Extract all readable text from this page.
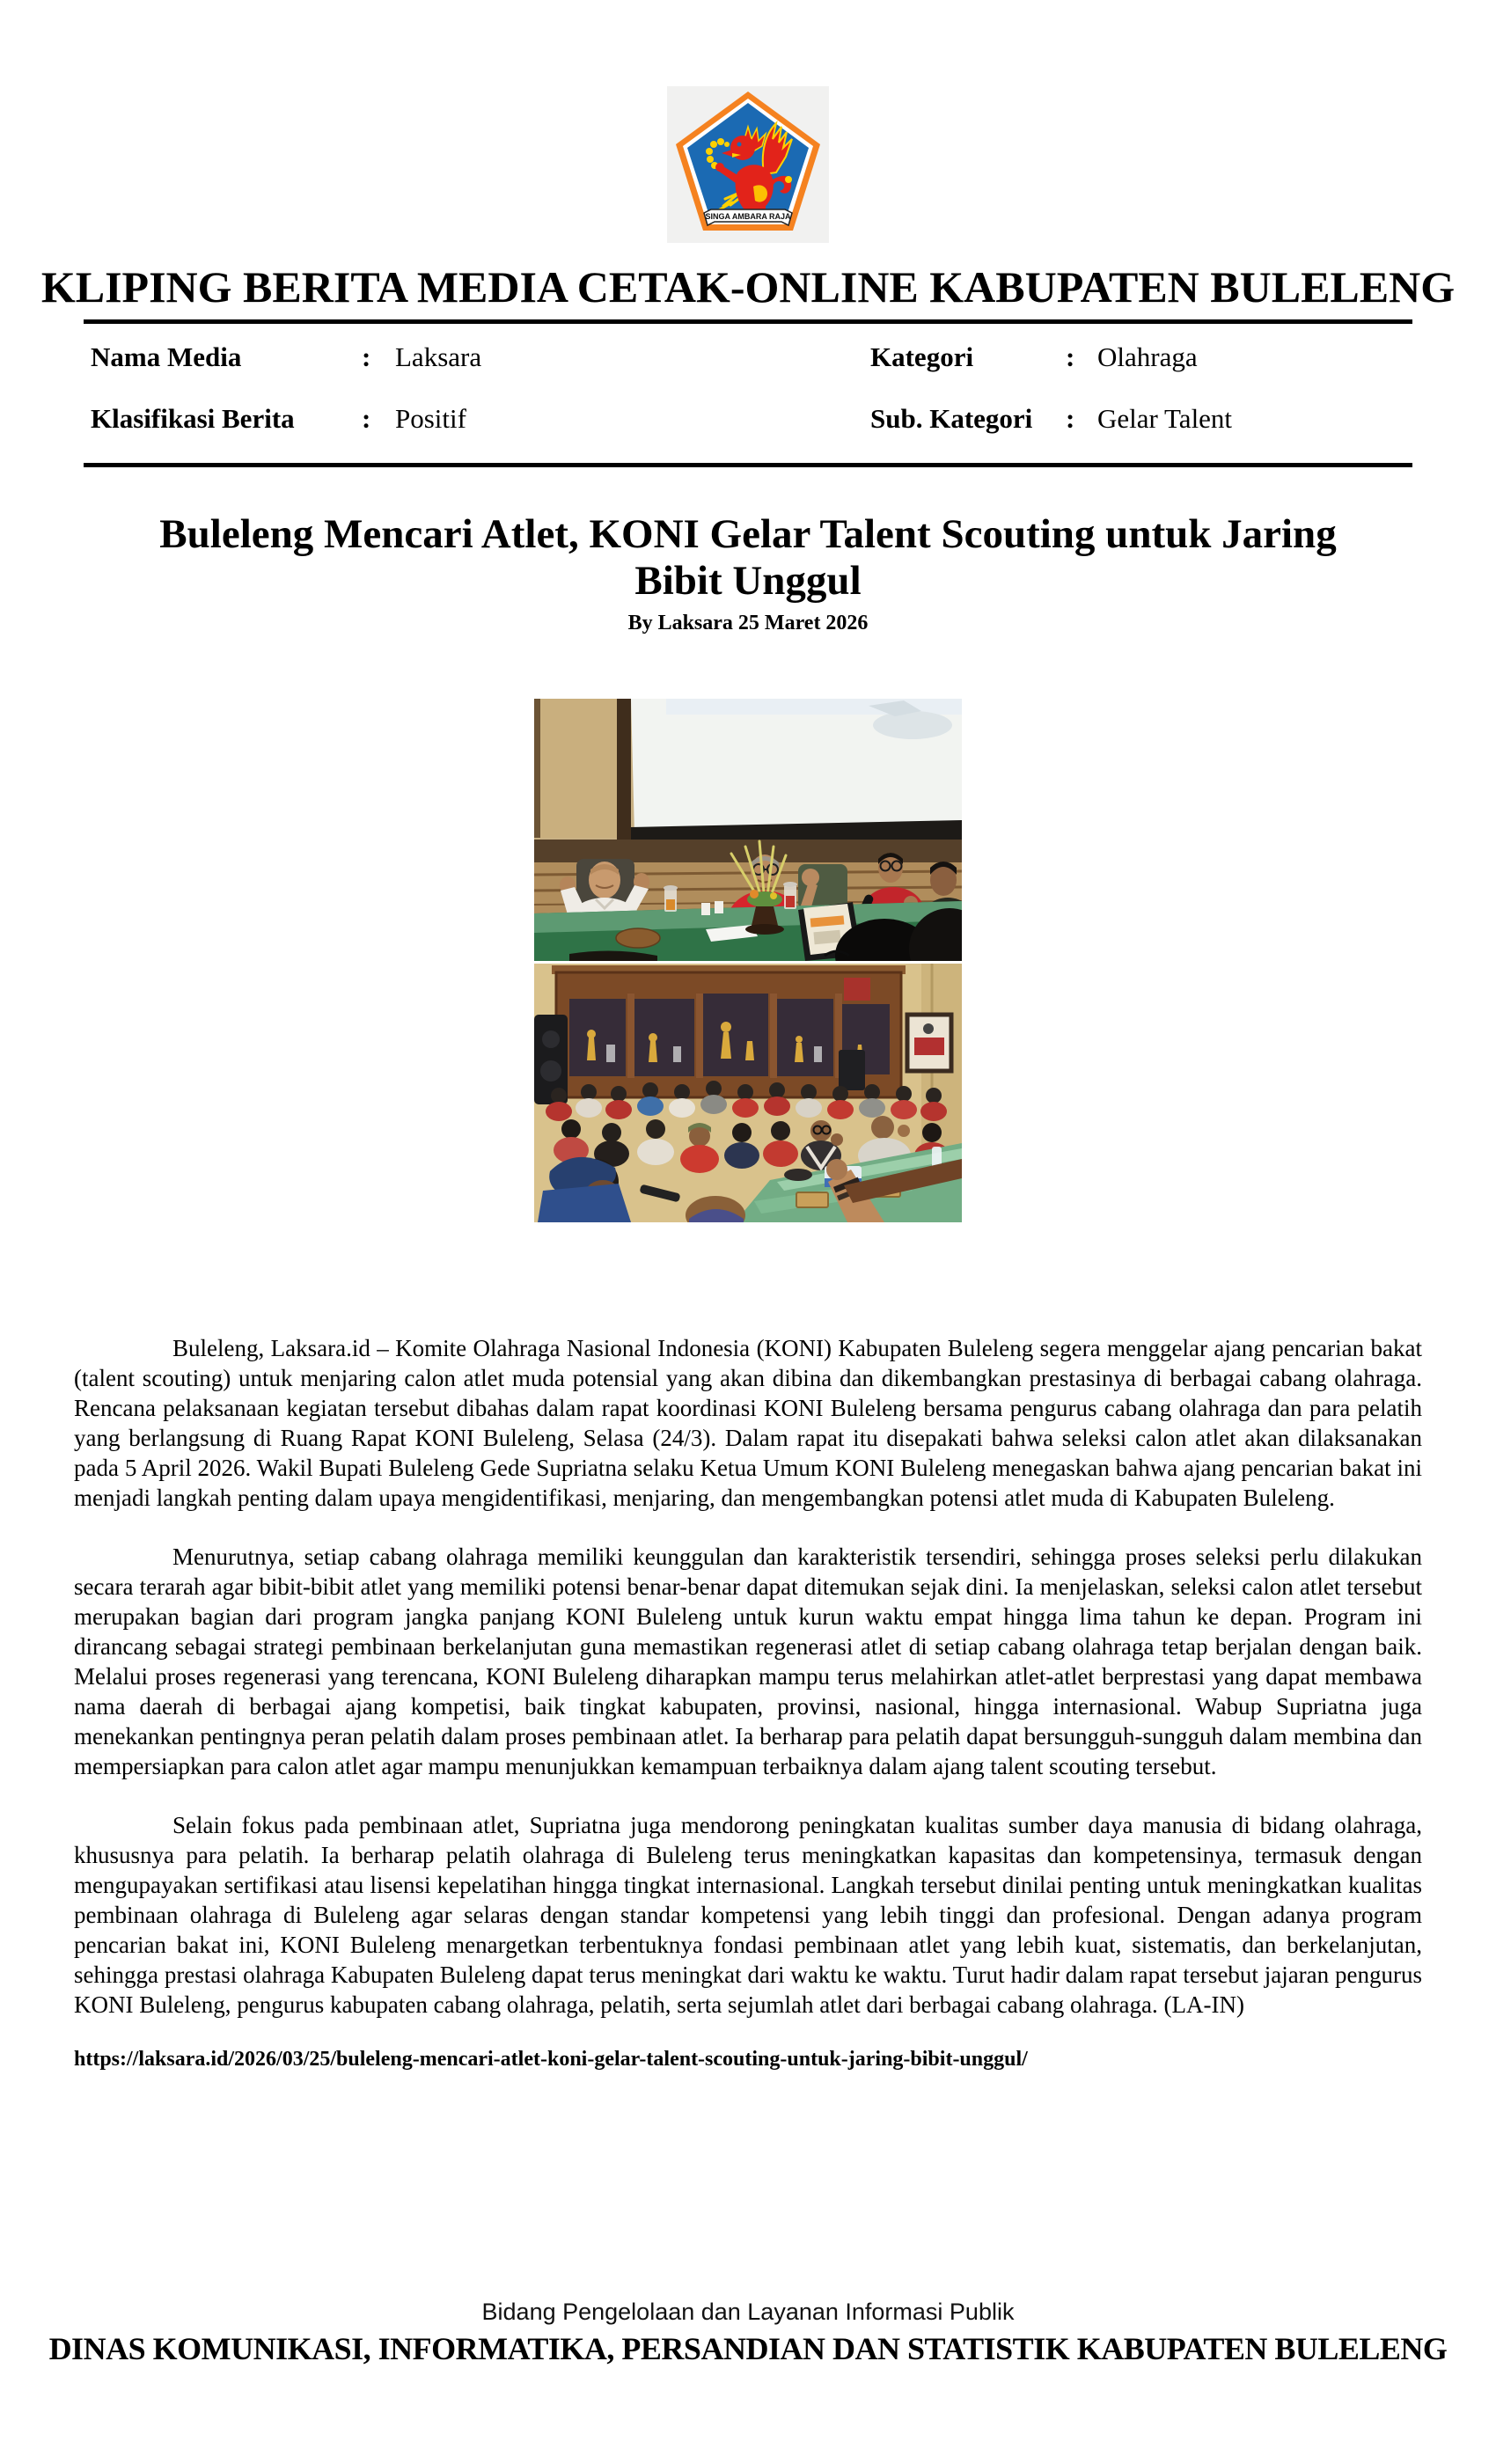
SINGA AMBARA RAJA
KLIPING BERITA MEDIA CETAK-ONLINE KABUPATEN BULELENG
Nama Media	: Laksara	Kategori	: Olahraga
Klasifikasi Berita	: Positif	Sub. Kategori	: Gelar Talent
Buleleng Mencari Atlet, KONI Gelar Talent Scouting untuk Jaring Bibit Unggul
By Laksara 25 Maret 2026

Buleleng, Laksara.id – Komite Olahraga Nasional Indonesia (KONI) Kabupaten Buleleng segera menggelar ajang pencarian bakat (talent scouting) untuk menjaring calon atlet muda potensial yang akan dibina dan dikembangkan prestasinya di berbagai cabang olahraga. Rencana pelaksanaan kegiatan tersebut dibahas dalam rapat koordinasi KONI Buleleng bersama pengurus cabang olahraga dan para pelatih yang berlangsung di Ruang Rapat KONI Buleleng, Selasa (24/3). Dalam rapat itu disepakati bahwa seleksi calon atlet akan dilaksanakan pada 5 April 2026. Wakil Bupati Buleleng Gede Supriatna selaku Ketua Umum KONI Buleleng menegaskan bahwa ajang pencarian bakat ini menjadi langkah penting dalam upaya mengidentifikasi, menjaring, dan mengembangkan potensi atlet muda di Kabupaten Buleleng.

Menurutnya, setiap cabang olahraga memiliki keunggulan dan karakteristik tersendiri, sehingga proses seleksi perlu dilakukan secara terarah agar bibit-bibit atlet yang memiliki potensi benar-benar dapat ditemukan sejak dini. Ia menjelaskan, seleksi calon atlet tersebut merupakan bagian dari program jangka panjang KONI Buleleng untuk kurun waktu empat hingga lima tahun ke depan. Program ini dirancang sebagai strategi pembinaan berkelanjutan guna memastikan regenerasi atlet di setiap cabang olahraga tetap berjalan dengan baik. Melalui proses regenerasi yang terencana, KONI Buleleng diharapkan mampu terus melahirkan atlet-atlet berprestasi yang dapat membawa nama daerah di berbagai ajang kompetisi, baik tingkat kabupaten, provinsi, nasional, hingga internasional. Wabup Supriatna juga menekankan pentingnya peran pelatih dalam proses pembinaan atlet. Ia berharap para pelatih dapat bersungguh-sungguh dalam membina dan mempersiapkan para calon atlet agar mampu menunjukkan kemampuan terbaiknya dalam ajang talent scouting tersebut.

Selain fokus pada pembinaan atlet, Supriatna juga mendorong peningkatan kualitas sumber daya manusia di bidang olahraga, khususnya para pelatih. Ia berharap pelatih olahraga di Buleleng terus meningkatkan kapasitas dan kompetensinya, termasuk dengan mengupayakan sertifikasi atau lisensi kepelatihan hingga tingkat internasional. Langkah tersebut dinilai penting untuk meningkatkan kualitas pembinaan olahraga di Buleleng agar selaras dengan standar kompetensi yang lebih tinggi dan profesional. Dengan adanya program pencarian bakat ini, KONI Buleleng menargetkan terbentuknya fondasi pembinaan atlet yang lebih kuat, sistematis, dan berkelanjutan, sehingga prestasi olahraga Kabupaten Buleleng dapat terus meningkat dari waktu ke waktu. Turut hadir dalam rapat tersebut jajaran pengurus KONI Buleleng, pengurus kabupaten cabang olahraga, pelatih, serta sejumlah atlet dari berbagai cabang olahraga. (LA-IN)

https://laksara.id/2026/03/25/buleleng-mencari-atlet-koni-gelar-talent-scouting-untuk-jaring-bibit-unggul/
Bidang Pengelolaan dan Layanan Informasi Publik
DINAS KOMUNIKASI, INFORMATIKA, PERSANDIAN DAN STATISTIK KABUPATEN BULELENG
